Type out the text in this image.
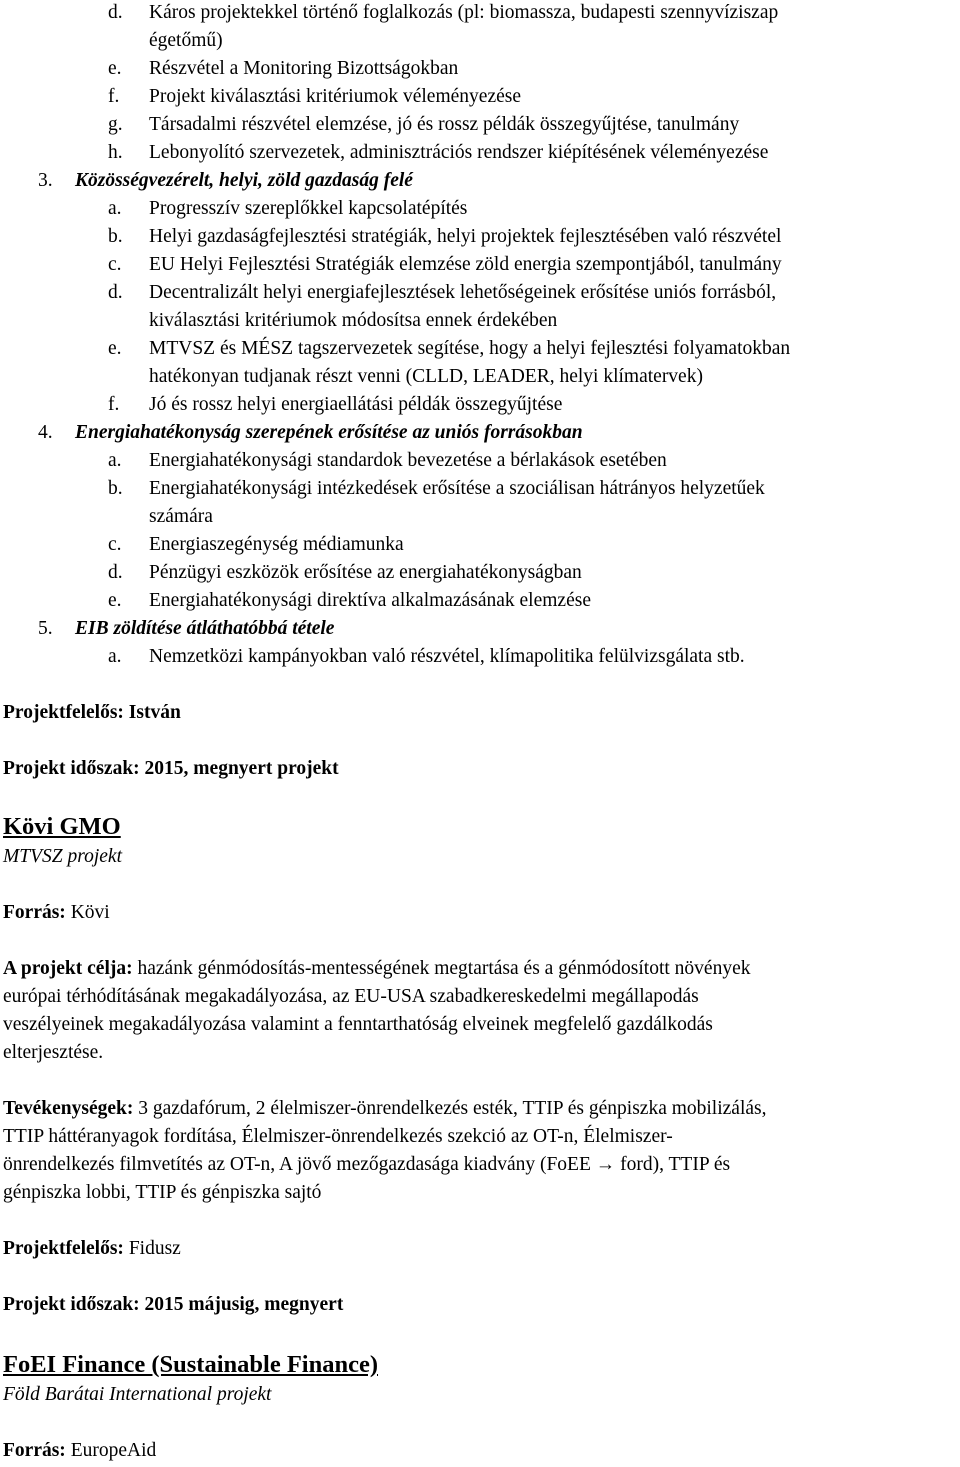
d. Káros projektekkel történő foglalkozás (pl: biomassza, budapesti szennyvíziszap
égetőmű)
e. Részvétel a Monitoring Bizottságokban
f. Projekt kiválasztási kritériumok véleményezése
g. Társadalmi részvétel elemzése, jó és rossz példák összegyűjtése, tanulmány
h. Lebonyolító szervezetek, adminisztrációs rendszer kiépítésének véleményezése
3. Közösségvezérelt, helyi, zöld gazdaság felé
a. Progresszív szereplőkkel kapcsolatépítés
b. Helyi gazdaságfejlesztési stratégiák, helyi projektek fejlesztésében való részvétel
c. EU Helyi Fejlesztési Stratégiák elemzése zöld energia szempontjából, tanulmány
d. Decentralizált helyi energiafejlesztések lehetőségeinek erősítése uniós forrásból,
kiválasztási kritériumok módosítsa ennek érdekében
e. MTVSZ és MÉSZ tagszervezetek segítése, hogy a helyi fejlesztési folyamatokban
hatékonyan tudjanak részt venni (CLLD, LEADER, helyi klímatervek)
f. Jó és rossz helyi energiaellátási példák összegyűjtése
4. Energiahatékonyság szerepének erősítése az uniós forrásokban
a. Energiahatékonysági standardok bevezetése a bérlakások esetében
b. Energiahatékonysági intézkedések erősítése a szociálisan hátrányos helyzetűek
számára
c. Energiaszegénység médiamunka
d. Pénzügyi eszközök erősítése az energiahatékonyságban
e. Energiahatékonysági direktíva alkalmazásának elemzése
5. EIB zöldítése átláthatóbbá tétele
a. Nemzetközi kampányokban való részvétel, klímapolitika felülvizsgálata stb.
Projektfelelős: István
Projekt időszak: 2015, megnyert projekt
Kövi GMO
MTVSZ projekt
Forrás: Kövi
A projekt célja: hazánk génmódosítás-mentességének megtartása és a génmódosított növények
európai térhódításának megakadályozása, az EU-USA szabadkereskedelmi megállapodás
veszélyeinek megakadályozása valamint a fenntarthatóság elveinek megfelelő gazdálkodás
elterjesztése.
Tevékenységek: 3 gazdafórum, 2 élelmiszer-önrendelkezés esték, TTIP és génpiszka mobilizálás,
TTIP háttéranyagok fordítása, Élelmiszer-önrendelkezés szekció az OT-n, Élelmiszer-
önrendelkezés filmvetítés az OT-n, A jövő mezőgazdasága kiadvány (FoEE → ford), TTIP és
génpiszka lobbi, TTIP és génpiszka sajtó
Projektfelelős: Fidusz
Projekt időszak: 2015 májusig, megnyert
FoEI Finance (Sustainable Finance)
Föld Barátai International projekt
Forrás: EuropeAid
